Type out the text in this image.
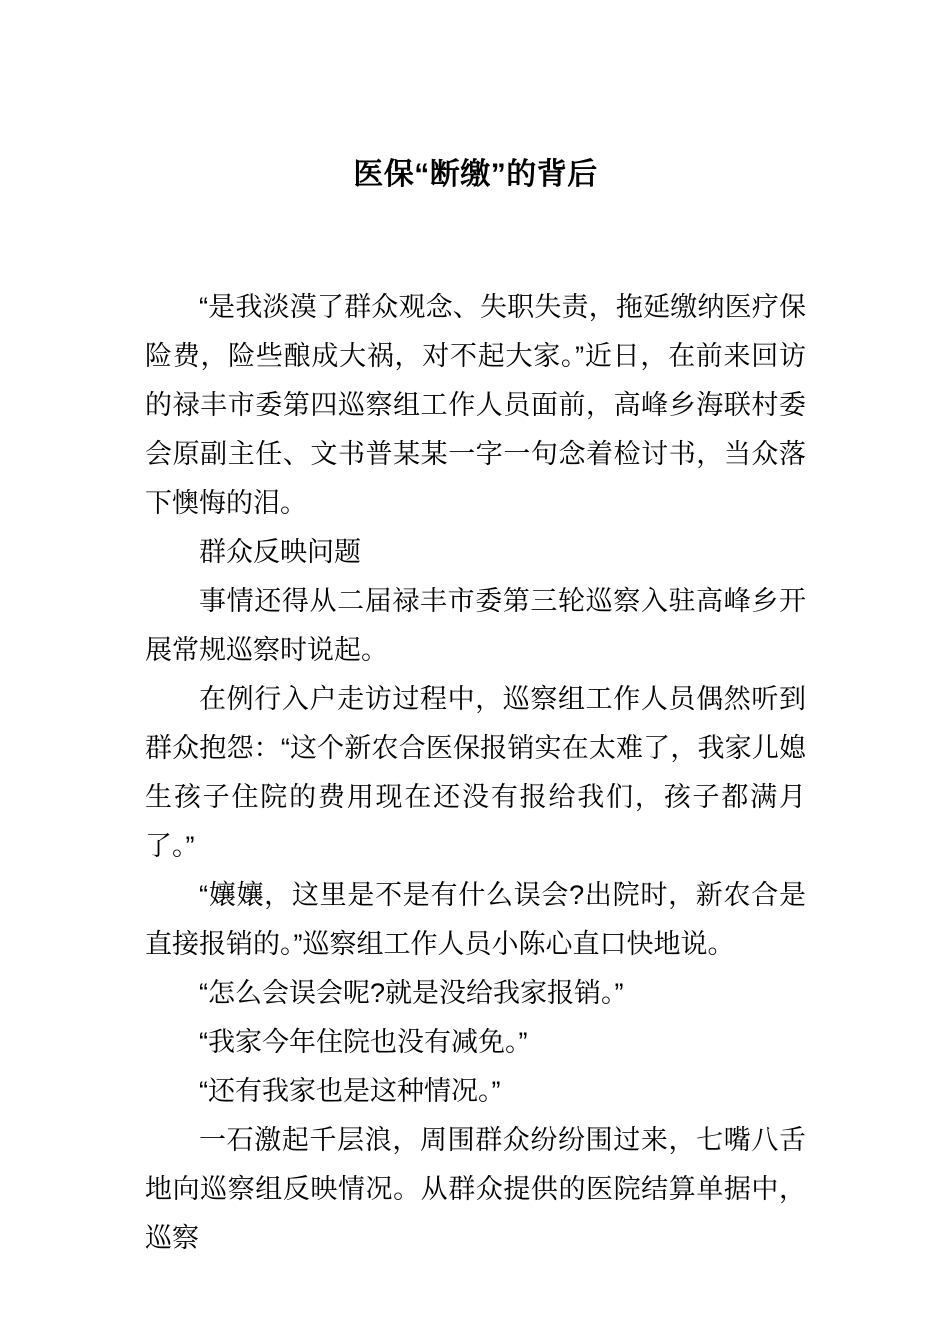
医保“断缴”的背后

“是我淡漠了群众观念、失职失责，拖延缴纳医疗保险费，险些酿成大祸，对不起大家。”近日，在前来回访的禄丰市委第四巡察组工作人员面前，高峰乡海联村委会原副主任、文书普某某一字一句念着检讨书，当众落下懊悔的泪。

群众反映问题

事情还得从二届禄丰市委第三轮巡察入驻高峰乡开展常规巡察时说起。

在例行入户走访过程中，巡察组工作人员偶然听到群众抱怨：“这个新农合医保报销实在太难了，我家儿媳生孩子住院的费用现在还没有报给我们，孩子都满月了。”

“孃孃，这里是不是有什么误会?出院时，新农合是直接报销的。”巡察组工作人员小陈心直口快地说。

“怎么会误会呢?就是没给我家报销。”

“我家今年住院也没有减免。”

“还有我家也是这种情况。”

一石激起千层浪，周围群众纷纷围过来，七嘴八舌地向巡察组反映情况。从群众提供的医院结算单据中，巡察
